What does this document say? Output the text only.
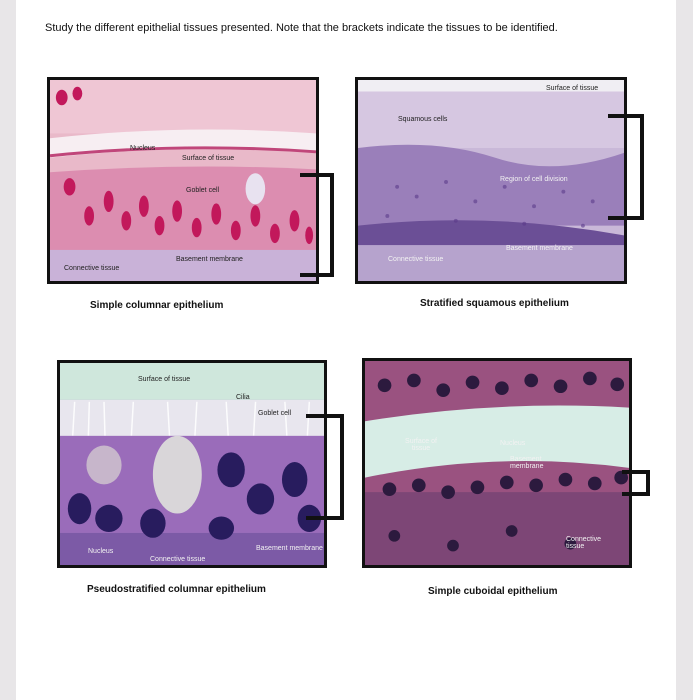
Study the different epithelial tissues presented. Note that the brackets indicate the tissues to be identified.
Nucleus
Surface of tissue
Goblet cell
Basement membrane
Connective tissue
Simple columnar epithelium
Surface of tissue
Squamous cells
Region of cell division
Basement membrane
Connective tissue
Stratified squamous epithelium
Surface of tissue
Cilia
Goblet cell
Nucleus
Connective tissue
Basement membrane
Pseudostratified columnar epithelium
Surface of tissue
Nucleus
Basement membrane
Connective tissue
Simple cuboidal epithelium
